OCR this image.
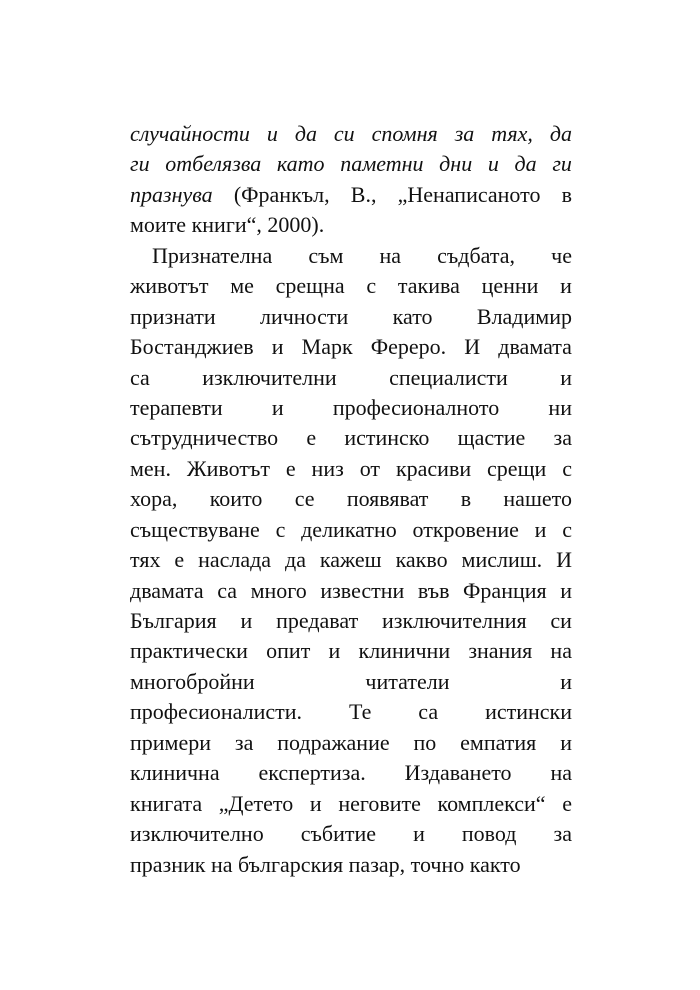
случайности и да си спомня за тях, да
ги отбелязва като паметни дни и да ги
празнува (Франкъл, В., „Ненаписаното в
моите книги“, 2000).
Признателна съм на съдбата, че
животът ме срещна с такива ценни и
признати личности като Владимир
Бостанджиев и Марк Фереро. И двамата
са изключителни специалисти и
терапевти и професионалното ни
сътрудничество е истинско щастие за
мен. Животът е низ от красиви срещи с
хора, които се появяват в нашето
съществуване с деликатно откровение и с
тях е наслада да кажеш какво мислиш. И
двамата са много известни във Франция и
България и предават изключителния си
практически опит и клинични знания на
многобройни	читатели	и
професионалисти. Те са истински
примери за подражание по емпатия и
клинична експертиза. Издаването на
книгата „Детето и неговите комплекси“ е
изключително събитие и повод за
празник на българския пазар, точно както
